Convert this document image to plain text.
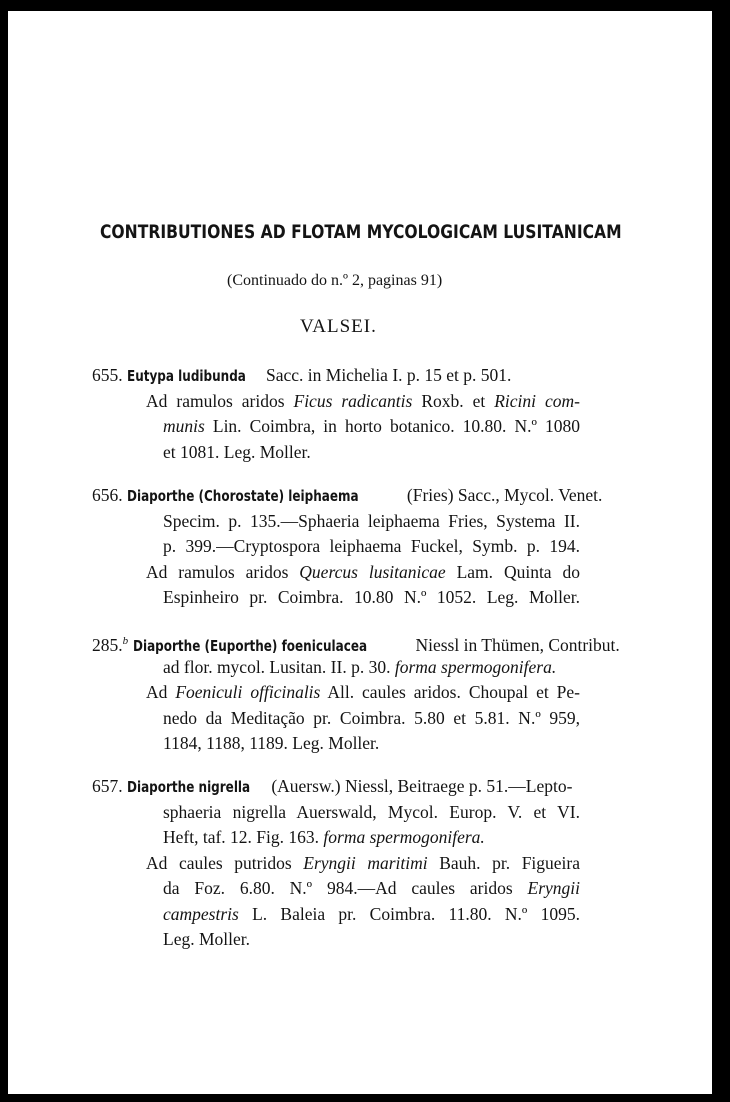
CONTRIBUTIONES AD FLOTAM MYCOLOGICAM LUSITANICAM
(Continuado do n.º 2, paginas 91)
VALSEI.
655. Eutypa ludibunda Sacc. in Michelia I. p. 15 et p. 501.
Ad ramulos aridos Ficus radicantis Roxb. et Ricini com-
munis Lin. Coimbra, in horto botanico. 10.80. N.º 1080
et 1081. Leg. Moller.
656. Diaporthe (Chorostate) leiphaema	(Fries) Sacc., Mycol. Venet.
Specim. p. 135.—Sphaeria leiphaema Fries, Systema II.
p. 399.—Cryptospora leiphaema Fuckel, Symb. p. 194.
Ad ramulos aridos Quercus lusitanicae Lam. Quinta do
Espinheiro pr. Coimbra. 10.80 N.º 1052. Leg. Moller.
285.$^b$ Diaporthe (Euporthe) foeniculacea	Niessl in Thümen, Contribut.
ad flor. mycol. Lusitan. II. p. 30. forma spermogonifera.
Ad Foeniculi officinalis All. caules aridos. Choupal et Pe-
nedo da Meditação pr. Coimbra. 5.80 et 5.81. N.º 959,
1184, 1188, 1189. Leg. Moller.
657. Diaporthe nigrella (Auersw.) Niessl, Beitraege p. 51.—Lepto-
sphaeria nigrella Auerswald, Mycol. Europ. V. et VI.
Heft, taf. 12. Fig. 163. forma spermogonifera.
Ad caules putridos Eryngii maritimi Bauh. pr. Figueira
da Foz. 6.80. N.º 984.—Ad caules aridos Eryngii
campestris L. Baleia pr. Coimbra. 11.80. N.º 1095.
Leg. Moller.
